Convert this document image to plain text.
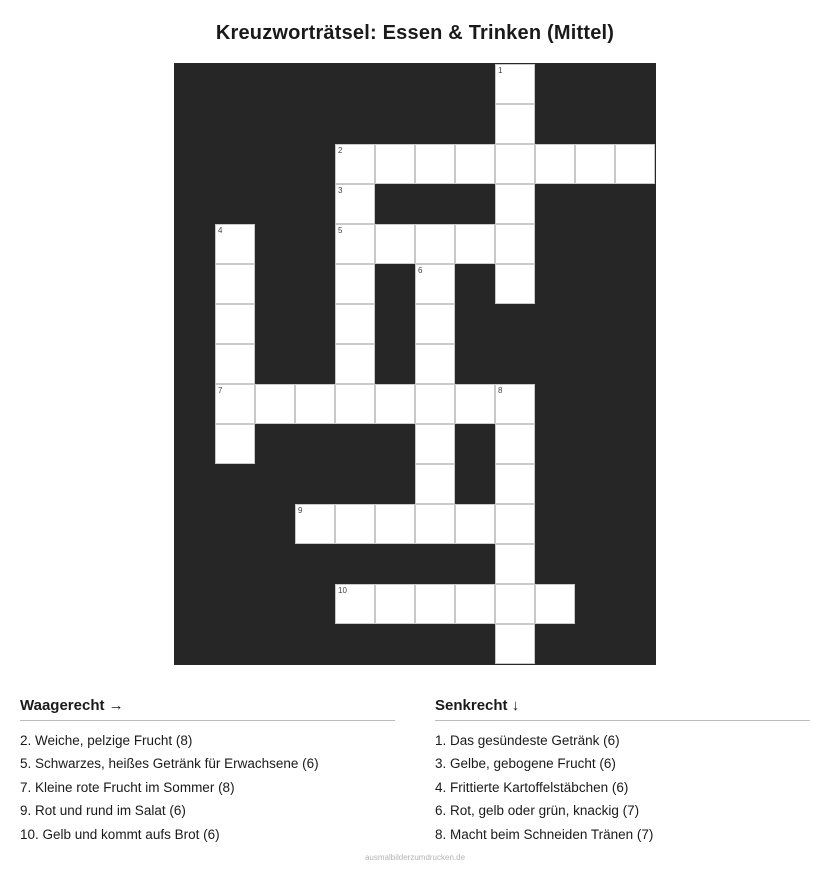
Kreuzworträtsel: Essen & Trinken (Mittel)
1
2
3
4	5
6
7	8
9
10
Waagerecht →
2. Weiche, pelzige Frucht (8)
5. Schwarzes, heißes Getränk für Erwachsene (6)
7. Kleine rote Frucht im Sommer (8)
9. Rot und rund im Salat (6)
10. Gelb und kommt aufs Brot (6)
Senkrecht ↓
1. Das gesündeste Getränk (6)
3. Gelbe, gebogene Frucht (6)
4. Frittierte Kartoffelstäbchen (6)
6. Rot, gelb oder grün, knackig (7)
8. Macht beim Schneiden Tränen (7)
ausmalbilderzumdrucken.de
